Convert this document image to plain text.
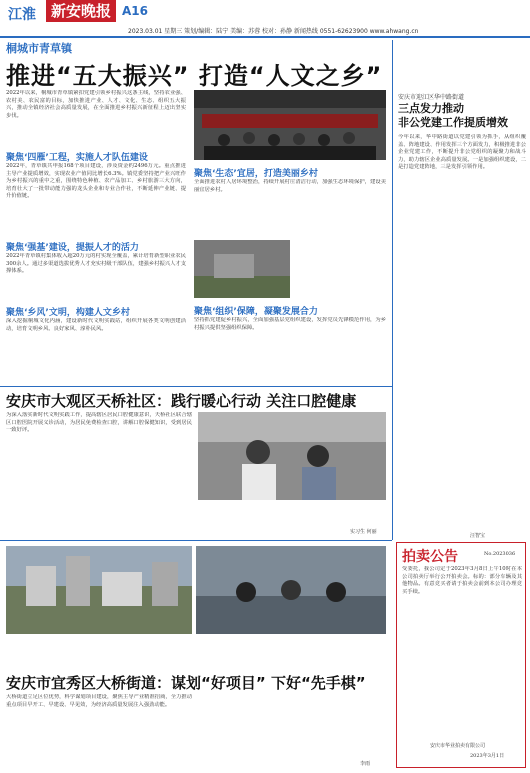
江淮 新安晚报 A16
2023.03.01 星期三 策划/编辑：陆宁 美编：苏蓉 校对：孙静 新闻热线 0551-62623900 www.ahwang.cn
桐城市青草镇
推进“五大振兴” 打造“人文之乡”
2022年以来，桐城市青草镇紧扣党建引领乡村振兴这条主线，坚持农业强、农村美、农民富的目标，加快推进产业、人才、文化、生态、组织五大振兴，推动全镇经济社会高质量发展，在全面推进乡村振兴新征程上迈出坚实步伐。
聚焦‘四雁’工程，实施人才队伍建设
2022年，青草镇共申报168个项目建设，涉及资金约2496万元。重点推进主导产业提质增效，实现农业产值同比增长6.3%。镇党委坚持把产业兴旺作为乡村振兴的重中之重，围绕特色种植、农产品加工、乡村旅游三大方向，培育壮大了一批带动能力强的龙头企业和专业合作社，不断延伸产业链、提升价值链。
聚焦‘强基’建设，提振人才的活力
2022年青草镇村集体收入超20万元的村实现全覆盖，累计培育新型职业农民300余人。通过多渠道选拔优秀人才充实村级干部队伍，建强乡村振兴人才支撑体系。
聚焦‘乡风’文明，构建人文乡村
深入挖掘桐城文化内涵，建设新时代文明实践站，组织开展各类文明创建活动，培育文明乡风、良好家风、淳朴民风。
聚焦‘生态’宜居，打造美丽乡村
全面推进农村人居环境整治，持续开展村庄清洁行动，加强生态环境保护，建设美丽宜居乡村。
聚焦‘组织’保障，凝聚发展合力
坚持抓党建促乡村振兴，全面加强基层党组织建设，发挥党员先锋模范作用，为乡村振兴提供坚强组织保障。
安庆市迎江区华中路街道
三点发力推动
非公党建工作提质增效
今年以来，华中路街道以党建引领为抓手，从组织覆盖、阵地建设、作用发挥三个方面发力，积极推进非公企业党建工作，不断提升非公党组织的凝聚力和战斗力，助力辖区企业高质量发展。一是加强组织建设，二是打造党建阵地，三是发挥引领作用。
汪智宝
安庆市大观区天桥社区：践行暖心行动 关注口腔健康
为深入落实新时代文明实践工作，提高辖区居民口腔健康意识，天桥社区联合辖区口腔医院开展义诊活动，为居民免费检查口腔，讲解口腔保健知识，受到居民一致好评。
实习生 何丽
拍卖公告	No.2023036
受委托，我公司定于2023年3月8日上午10时在本公司拍卖厅举行公开拍卖会。标的：部分车辆及其他物品。有意竞买者请于拍卖会前到本公司办理竞买手续。
安庆市华业拍卖有限公司
2023年3月1日
安庆市宜秀区大桥街道：谋划“好项目” 下好“先手棋”
大桥街道立足区位优势，科学谋划项目建设，聚焦主导产业精准招商，全力推动重点项目早开工、早建设、早见效，为经济高质量发展注入强劲动能。
李雨
